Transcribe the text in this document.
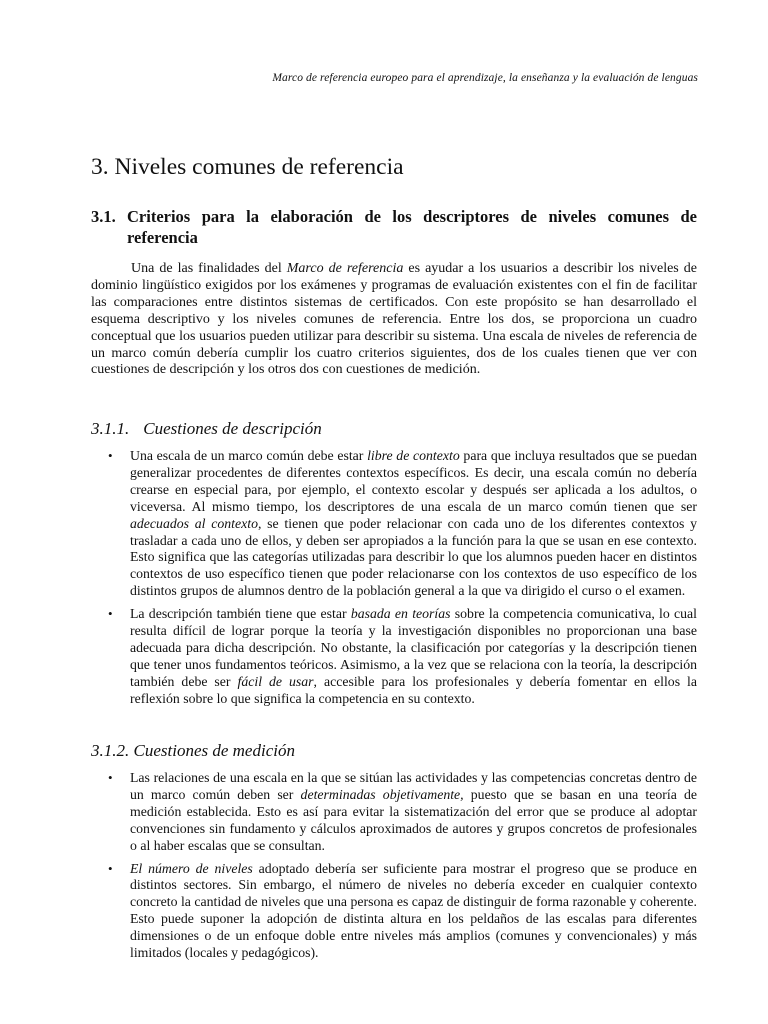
Marco de referencia europeo para el aprendizaje, la enseñanza y la evaluación de lenguas
3. Niveles comunes de referencia
3.1. Criterios para la elaboración de los descriptores de niveles comunes de referencia

Una de las finalidades del Marco de referencia es ayudar a los usuarios a describir los niveles de dominio lingüístico exigidos por los exámenes y programas de evaluación existentes con el fin de facilitar las comparaciones entre distintos sistemas de certificados. Con este propósito se han desarrollado el esquema descriptivo y los niveles comunes de referencia. Entre los dos, se proporciona un cuadro conceptual que los usuarios pueden utilizar para describir su sistema. Una escala de niveles de referencia de un marco común debería cumplir los cuatro criterios siguientes, dos de los cuales tienen que ver con cuestiones de descripción y los otros dos con cuestiones de medición.

3.1.1. Cuestiones de descripción
• Una escala de un marco común debe estar libre de contexto para que incluya resultados que se puedan generalizar procedentes de diferentes contextos específicos. Es decir, una escala común no debería crearse en especial para, por ejemplo, el contexto escolar y después ser aplicada a los adultos, o viceversa. Al mismo tiempo, los descriptores de una escala de un marco común tienen que ser adecuados al contexto, se tienen que poder relacionar con cada uno de los diferentes contextos y trasladar a cada uno de ellos, y deben ser apropiados a la función para la que se usan en ese contexto. Esto significa que las categorías utilizadas para describir lo que los alumnos pueden hacer en distintos contextos de uso específico tienen que poder relacionarse con los contextos de uso específico de los distintos grupos de alumnos dentro de la población general a la que va dirigido el curso o el examen.
• La descripción también tiene que estar basada en teorías sobre la competencia comunicativa, lo cual resulta difícil de lograr porque la teoría y la investigación disponibles no proporcionan una base adecuada para dicha descripción. No obstante, la clasificación por categorías y la descripción tienen que tener unos fundamentos teóricos. Asimismo, a la vez que se relaciona con la teoría, la descripción también debe ser fácil de usar, accesible para los profesionales y debería fomentar en ellos la reflexión sobre lo que significa la competencia en su contexto.
3.1.2. Cuestiones de medición
• Las relaciones de una escala en la que se sitúan las actividades y las competencias concretas dentro de un marco común deben ser determinadas objetivamente, puesto que se basan en una teoría de medición establecida. Esto es así para evitar la sistematización del error que se produce al adoptar convenciones sin fundamento y cálculos aproximados de autores y grupos concretos de profesionales o al haber escalas que se consultan.
• El número de niveles adoptado debería ser suficiente para mostrar el progreso que se produce en distintos sectores. Sin embargo, el número de niveles no debería exceder en cualquier contexto concreto la cantidad de niveles que una persona es capaz de distinguir de forma razonable y coherente. Esto puede suponer la adopción de distinta altura en los peldaños de las escalas para diferentes dimensiones o de un enfoque doble entre niveles más amplios (comunes y convencionales) y más limitados (locales y pedagógicos).
